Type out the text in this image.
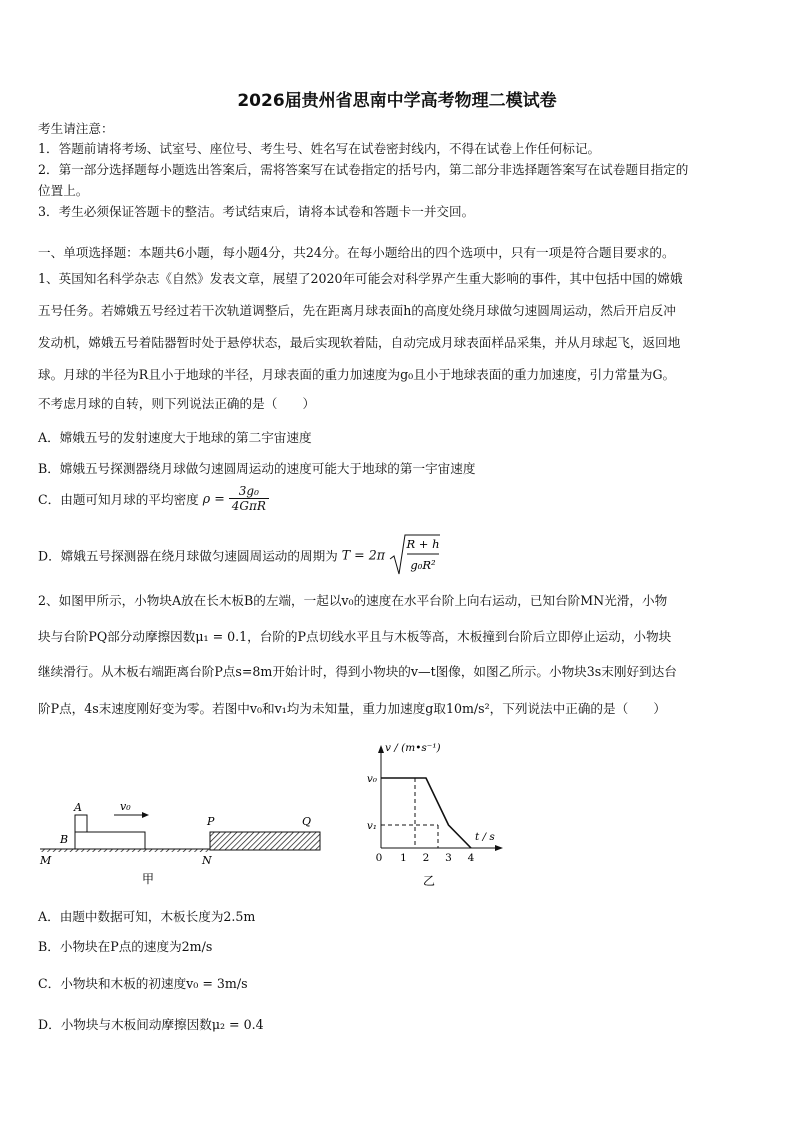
2026届贵州省思南中学高考物理二模试卷
考生请注意：
1．答题前请将考场、试室号、座位号、考生号、姓名写在试卷密封线内，不得在试卷上作任何标记。
2．第一部分选择题每小题选出答案后，需将答案写在试卷指定的括号内，第二部分非选择题答案写在试卷题目指定的
位置上。
3．考生必须保证答题卡的整洁。考试结束后，请将本试卷和答题卡一并交回。
一、单项选择题：本题共6小题，每小题4分，共24分。在每小题给出的四个选项中，只有一项是符合题目要求的。
1、英国知名科学杂志《自然》发表文章，展望了2020年可能会对科学界产生重大影响的事件，其中包括中国的嫦娥
五号任务。若嫦娥五号经过若干次轨道调整后，先在距离月球表面h的高度处绕月球做匀速圆周运动，然后开启反冲
发动机，嫦娥五号着陆器暂时处于悬停状态，最后实现软着陆，自动完成月球表面样品采集，并从月球起飞，返回地
球。月球的半径为R且小于地球的半径，月球表面的重力加速度为g₀且小于地球表面的重力加速度，引力常量为G。
不考虑月球的自转，则下列说法正确的是（　　）
A．嫦娥五号的发射速度大于地球的第二宇宙速度
B．嫦娥五号探测器绕月球做匀速圆周运动的速度可能大于地球的第一宇宙速度
C．由题可知月球的平均密度 $\rho = \frac{\text{3g₀}}{\text{4GπR}}$
D．嫦娥五号探测器在绕月球做匀速圆周运动的周期为 T = 2π
R + h
g₀R²
2、如图甲所示，小物块A放在长木板B的左端，一起以v₀的速度在水平台阶上向右运动，已知台阶MN光滑，小物
块与台阶PQ部分动摩擦因数μ₁ = 0.1，台阶的P点切线水平且与木板等高，木板撞到台阶后立即停止运动，小物块
继续滑行。从木板右端距离台阶P点s=8m开始计时，得到小物块的v—t图像，如图乙所示。小物块3s末刚好到达台
阶P点，4s末速度刚好变为零。若图中v₀和v₁均为未知量，重力加速度g取10m/s²，下列说法中正确的是（　　）
A
B
v₀
P	Q
M	N
甲
v / (m•s⁻¹)
t / s
v₀
v₁
0 1 2 3 4
乙
A．由题中数据可知，木板长度为2.5m
B．小物块在P点的速度为2m/s
C．小物块和木板的初速度v₀ = 3m/s
D．小物块与木板间动摩擦因数μ₂ = 0.4
